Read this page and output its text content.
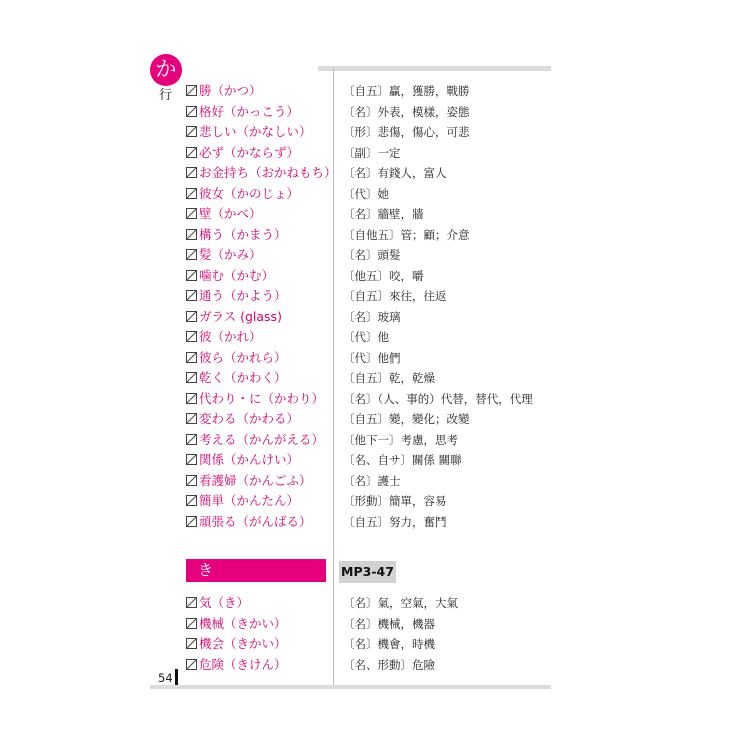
か
行	勝（かつ）
格好（かっこう）
悲しい（かなしい）
必ず（かならず）
お金持ち（おかねもち）
彼女（かのじょ）
壁（かべ）
構う（かまう）
髪（かみ）
噛む（かむ）
通う（かよう）
ガラス (glass)
彼（かれ）
彼ら（かれら）
乾く（かわく）
代わり・に（かわり）
変わる（かわる）
考える（かんがえる）
関係（かんけい）
看護婦（かんごふ）
簡単（かんたん）
頑張る（がんばる）
〔自五〕贏，獲勝，戰勝
〔名〕外表，模樣，姿態
〔形〕悲傷，傷心，可悲
〔副〕一定
〔名〕有錢人，富人
〔代〕她
〔名〕牆壁，牆
〔自他五〕管；顧；介意
〔名〕頭髮
〔他五〕咬，嚼
〔自五〕來往，往返
〔名〕玻璃
〔代〕他
〔代〕他們
〔自五〕乾，乾燥
〔名〕（人、事的）代替，替代，代理
〔自五〕變，變化；改變
〔他下一〕考慮，思考
〔名、自サ〕關係 關聯
〔名〕護士
〔形動〕簡單，容易
〔自五〕努力，奮鬥
き	MP3-47
気（き）
機械（きかい）
機会（きかい）
危険（きけん）
〔名〕氣，空氣，大氣
〔名〕機械，機器
〔名〕機會，時機
〔名、形動〕危險
54
